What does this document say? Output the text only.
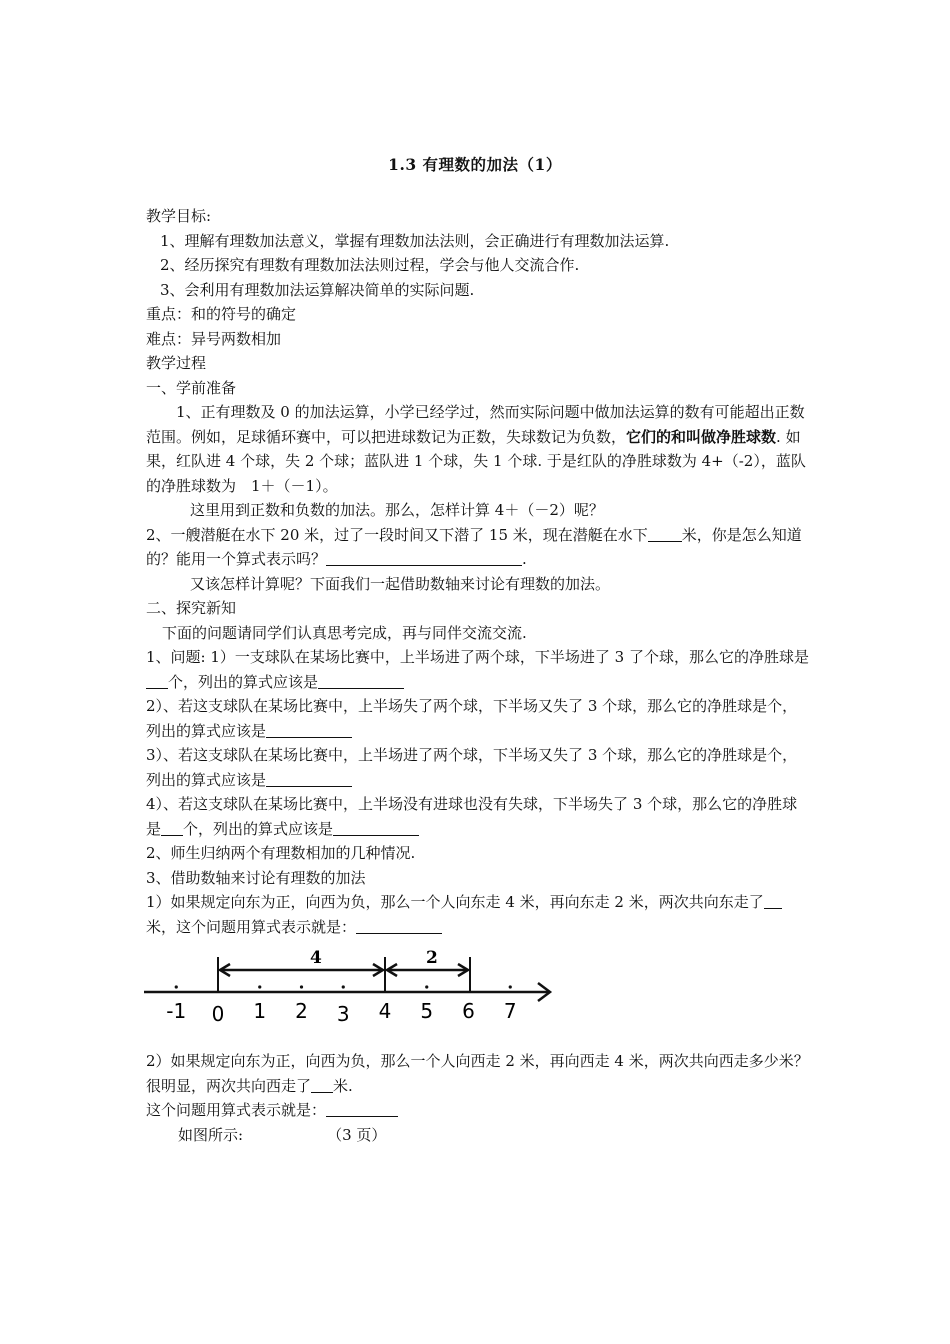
1.3 有理数的加法（1）

教学目标:

1、理解有理数加法意义，掌握有理数加法法则，会正确进行有理数加法运算.

2、经历探究有理数有理数加法法则过程，学会与他人交流合作.

3、会利用有理数加法运算解决简单的实际问题.

重点：和的符号的确定

难点：异号两数相加

教学过程

一、学前准备

1、正有理数及 0 的加法运算，小学已经学过，然而实际问题中做加法运算的数有可能超出正数范围。例如，足球循环赛中，可以把进球数记为正数，失球数记为负数，它们的和叫做净胜球数. 如果，红队进 4 个球，失 2 个球；蓝队进 1 个球，失 1 个球. 于是红队的净胜球数为 4+（-2），蓝队的净胜球数为　1＋（－1）。

这里用到正数和负数的加法。那么，怎样计算 4＋（－2）呢？

2、一艘潜艇在水下 20 米，过了一段时间又下潜了 15 米，现在潜艇在水下 米，你是怎么知道的？能用一个算式表示吗？	.

又该怎样计算呢？下面我们一起借助数轴来讨论有理数的加法。

二、探究新知

下面的问题请同学们认真思考完成，再与同伴交流交流.

1、问题: 1）一支球队在某场比赛中，上半场进了两个球，下半场进了 3 了个球，那么它的净胜球是个，列出的算式应该是

2）、若这支球队在某场比赛中，上半场失了两个球，下半场又失了 3 个球，那么它的净胜球是个，列出的算式应该是

3）、若这支球队在某场比赛中，上半场进了两个球，下半场又失了 3 个球，那么它的净胜球是个，列出的算式应该是

4）、若这支球队在某场比赛中，上半场没有进球也没有失球，下半场失了 3 个球，那么它的净胜球是 个，列出的算式应该是

2、师生归纳两个有理数相加的几种情况.

3、借助数轴来讨论有理数的加法

1）如果规定向东为正，向西为负，那么一个人向东走 4 米，再向东走 2 米，两次共向东走了米，这个问题用算式表示就是：

4	2
-1 0 1 2 3 4 5 6 7

2）如果规定向东为正，向西为负，那么一个人向西走 2 米，再向西走 4 米，两次共向西走多少米？很明显，两次共向西走了 米.

这个问题用算式表示就是：

如图所示:	（3 页）
